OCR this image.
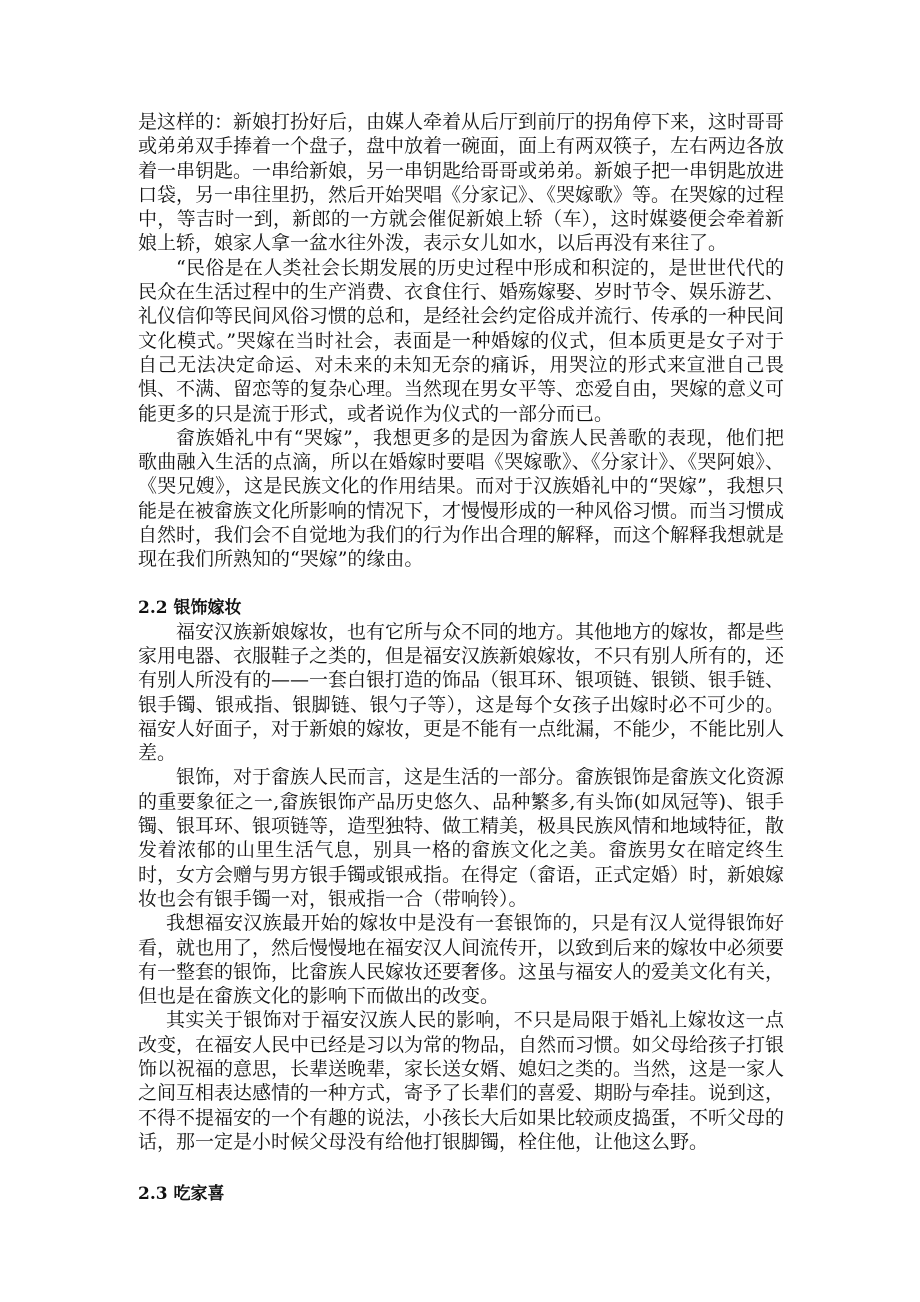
是这样的：新娘打扮好后，由媒人牵着从后厅到前厅的拐角停下来，这时哥哥或弟弟双手捧着一个盘子，盘中放着一碗面，面上有两双筷子，左右两边各放着一串钥匙。一串给新娘，另一串钥匙给哥哥或弟弟。新娘子把一串钥匙放进口袋，另一串往里扔，然后开始哭唱《分家记》、《哭嫁歌》等。在哭嫁的过程中，等吉时一到，新郎的一方就会催促新娘上轿（车），这时媒婆便会牵着新娘上轿，娘家人拿一盆水往外泼，表示女儿如水，以后再没有来往了。

“民俗是在人类社会长期发展的历史过程中形成和积淀的，是世世代代的民众在生活过程中的生产消费、衣食住行、婚殇嫁娶、岁时节令、娱乐游艺、礼仪信仰等民间风俗习惯的总和，是经社会约定俗成并流行、传承的一种民间文化模式。”哭嫁在当时社会，表面是一种婚嫁的仪式，但本质更是女子对于自己无法决定命运、对未来的未知无奈的痛诉，用哭泣的形式来宣泄自己畏惧、不满、留恋等的复杂心理。当然现在男女平等、恋爱自由，哭嫁的意义可能更多的只是流于形式，或者说作为仪式的一部分而已。

畲族婚礼中有“哭嫁”，我想更多的是因为畲族人民善歌的表现，他们把歌曲融入生活的点滴，所以在婚嫁时要唱《哭嫁歌》、《分家计》、《哭阿娘》、《哭兄嫂》，这是民族文化的作用结果。而对于汉族婚礼中的“哭嫁”，我想只能是在被畲族文化所影响的情况下，才慢慢形成的一种风俗习惯。而当习惯成自然时，我们会不自觉地为我们的行为作出合理的解释，而这个解释我想就是现在我们所熟知的“哭嫁”的缘由。

2.2 银饰嫁妆

福安汉族新娘嫁妆，也有它所与众不同的地方。其他地方的嫁妆，都是些家用电器、衣服鞋子之类的，但是福安汉族新娘嫁妆，不只有别人所有的，还有别人所没有的——一套白银打造的饰品（银耳环、银项链、银锁、银手链、银手镯、银戒指、银脚链、银勺子等），这是每个女孩子出嫁时必不可少的。 福安人好面子，对于新娘的嫁妆，更是不能有一点纰漏，不能少，不能比别人差。

银饰，对于畲族人民而言，这是生活的一部分。畲族银饰是畲族文化资源的重要象征之一,畲族银饰产品历史悠久、品种繁多,有头饰(如凤冠等)、银手镯、银耳环、银项链等，造型独特、做工精美，极具民族风情和地域特征，散发着浓郁的山里生活气息，别具一格的畲族文化之美。畲族男女在暗定终生时，女方会赠与男方银手镯或银戒指。在得定（畲语，正式定婚）时，新娘嫁妆也会有银手镯一对，银戒指一合（带响铃）。

我想福安汉族最开始的嫁妆中是没有一套银饰的，只是有汉人觉得银饰好看，就也用了，然后慢慢地在福安汉人间流传开，以致到后来的嫁妆中必须要有一整套的银饰，比畲族人民嫁妆还要奢侈。这虽与福安人的爱美文化有关，但也是在畲族文化的影响下而做出的改变。

其实关于银饰对于福安汉族人民的影响，不只是局限于婚礼上嫁妆这一点改变，在福安人民中已经是习以为常的物品，自然而习惯。如父母给孩子打银饰以祝福的意思，长辈送晚辈，家长送女婿、媳妇之类的。当然，这是一家人之间互相表达感情的一种方式，寄予了长辈们的喜爱、期盼与牵挂。说到这，不得不提福安的一个有趣的说法，小孩长大后如果比较顽皮捣蛋，不听父母的话，那一定是小时候父母没有给他打银脚镯，栓住他，让他这么野。

2.3 吃家喜
